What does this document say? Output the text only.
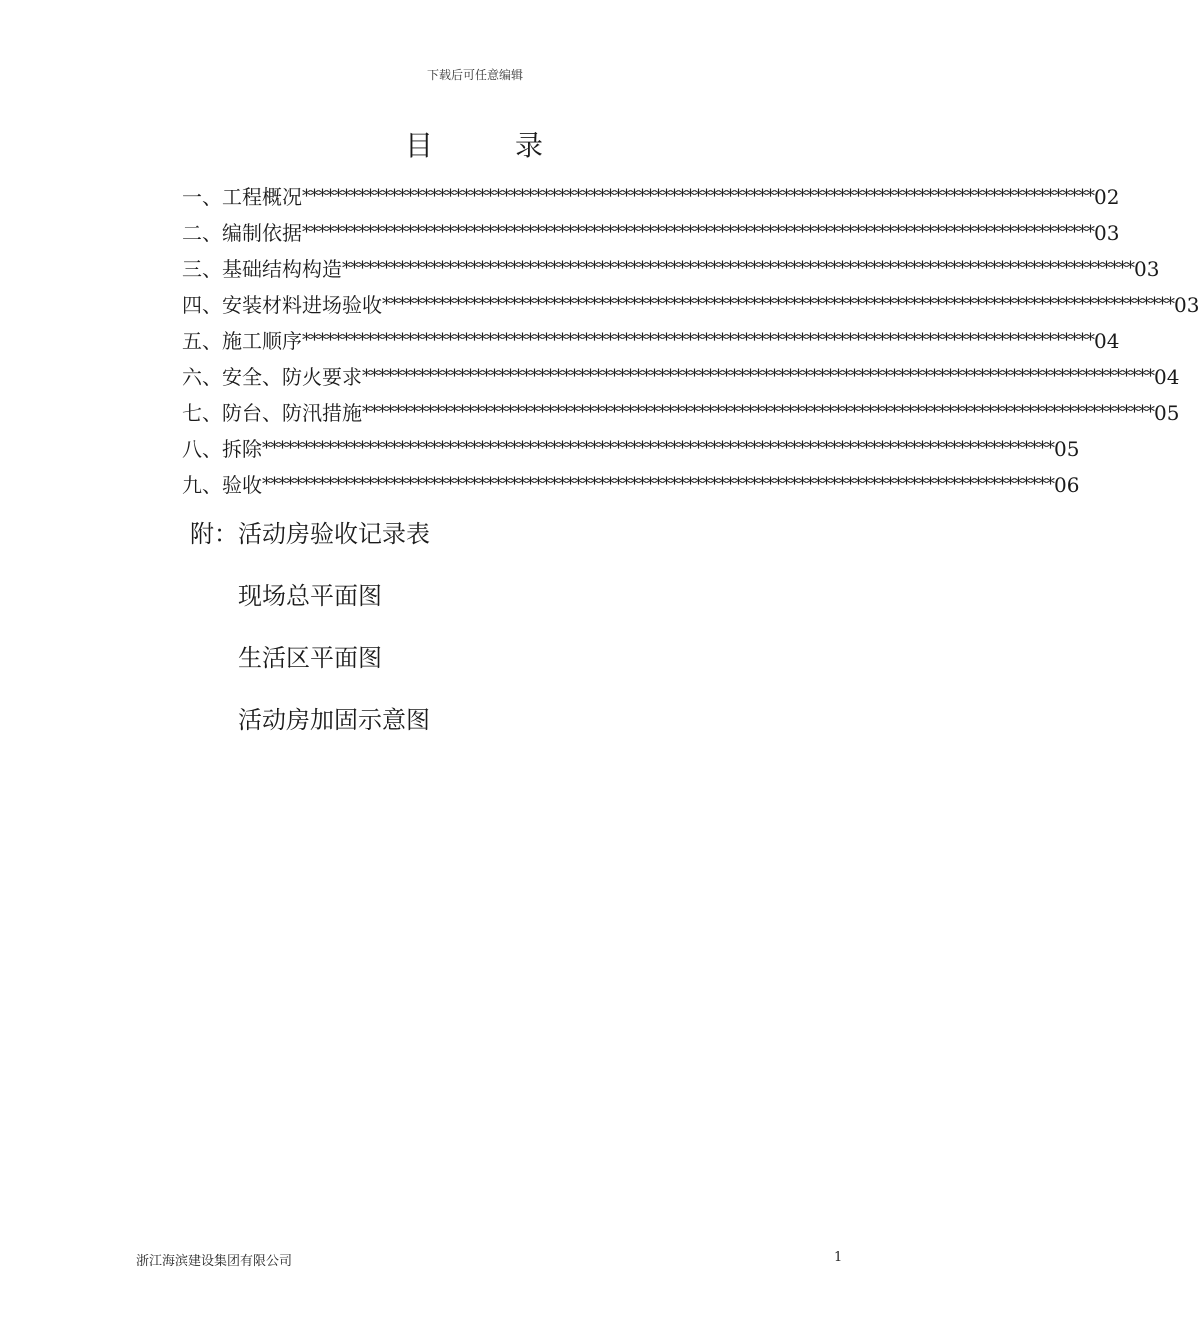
下载后可任意编辑
目	录
一、工程概况 *************************************************************************************************** 02
二、编制依据 *************************************************************************************************** 03
三、基础结构构造 *************************************************************************************************** 03
四、安装材料进场验收 *************************************************************************************************** 03
五、施工顺序 *************************************************************************************************** 04
六、安全、防火要求 *************************************************************************************************** 04
七、防台、防汛措施 *************************************************************************************************** 05
八、拆除 *************************************************************************************************** 05
九、验收 *************************************************************************************************** 06
附：活动房验收记录表
现场总平面图
生活区平面图
活动房加固示意图
浙江海滨建设集团有限公司	1
